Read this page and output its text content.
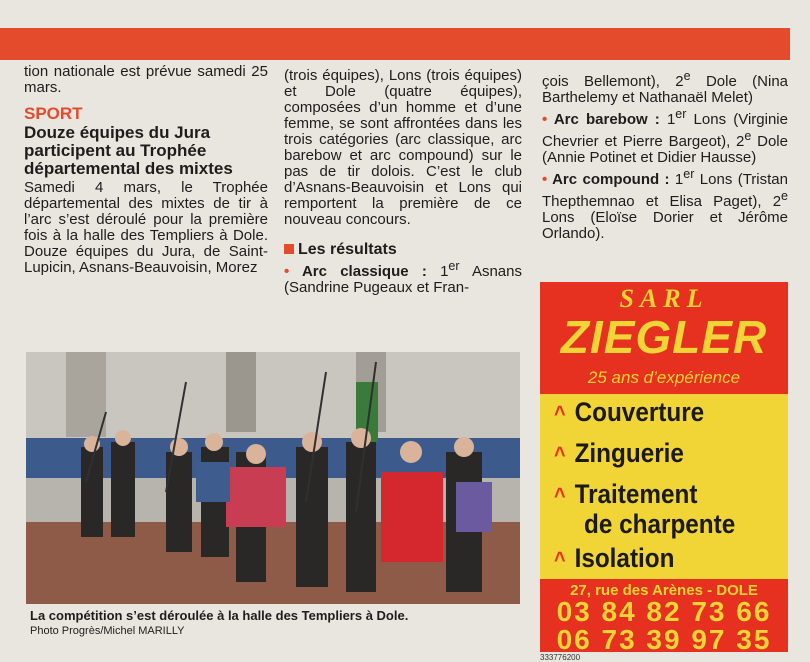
tion nationale est prévue samedi 25 mars.

SPORT
Douze équipes du Jura participent au Trophée départemental des mixtes

Samedi 4 mars, le Trophée départemental des mixtes de tir à l’arc s’est déroulé pour la première fois à la halle des Templiers à Dole. Douze équipes du Jura, de Saint-Lupicin, Asnans-Beauvoisin, Morez

(trois équipes), Lons (trois équipes) et Dole (quatre équipes), composées d’un homme et d’une femme, se sont affrontées dans les trois catégories (arc classique, arc barebow et arc compound) sur le pas de tir dolois. C’est le club d’Asnans-Beauvoisin et Lons qui remportent la première de ce nouveau concours.

Les résultats

• Arc classique : 1er Asnans (Sandrine Pugeaux et Fran-

çois Bellemont), 2e Dole (Nina Barthelemy et Nathanaël Melet)

• Arc barebow : 1er Lons (Virginie Chevrier et Pierre Bargeot), 2e Dole (Annie Potinet et Didier Hausse)

• Arc compound : 1er Lons (Tristan Thepthemnao et Elisa Paget), 2e Lons (Eloïse Dorier et Jérôme Orlando).

La compétition s’est déroulée à la halle des Templiers à Dole.
Photo Progrès/Michel MARILLY
SARL
ZIEGLER
25 ans d’expérience
^ Couverture
^ Zinguerie
^ Traitement
de charpente
^ Isolation
27, rue des Arènes - DOLE
03 84 82 73 66
06 73 39 97 35
333776200
